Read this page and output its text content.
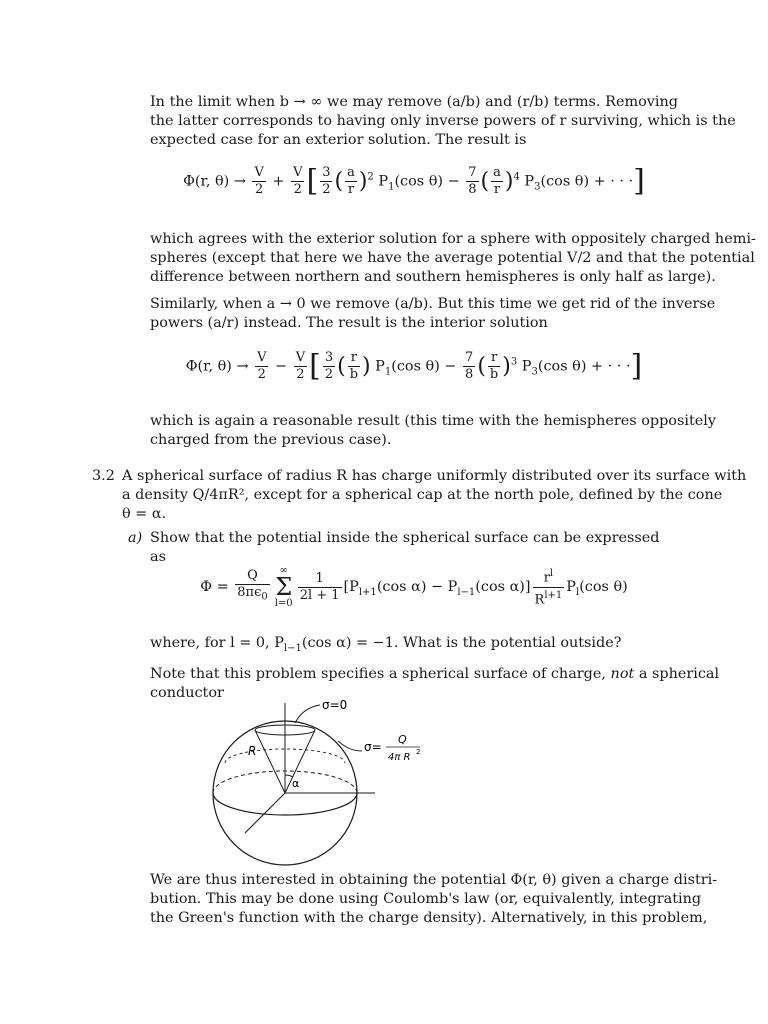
In the limit when b → ∞ we may remove (a/b) and (r/b) terms. Removing
the latter corresponds to having only inverse powers of r surviving, which is the
expected case for an exterior solution. The result is
Φ(r, $\theta) \to \frac{V}{2} + \frac{V}{2}$ [ $\frac{3}{2}$ ( $\frac{a}{r} )^2$ $P_1(\cos$ $\theta) - \frac{7}{8}$ ( $\frac{a}{r} )^4$ $P_3(\cos$ θ) + · · ·]
which agrees with the exterior solution for a sphere with oppositely charged hemi-
spheres (except that here we have the average potential V/2 and that the potential
difference between northern and southern hemispheres is only half as large).
Similarly, when a → 0 we remove (a/b). But this time we get rid of the inverse
powers (a/r) instead. The result is the interior solution
Φ(r, $\theta) \to \frac{V}{2} - \frac{V}{2}$ [ $\frac{3}{2}$ ( $\frac{r}{b}$ ) $P_1(\cos$ $\theta) - \frac{7}{8}$ ( $\frac{r}{b} )^3$ $P_3(\cos$ θ) + · · ·]
which is again a reasonable result (this time with the hemispheres oppositely
charged from the previous case).
3.2 A spherical surface of radius R has charge uniformly distributed over its surface with
a density Q/4πR², except for a spherical cap at the north pole, defined by the cone
θ = α.
a) Show that the potential inside the spherical surface can be expressed as
$\Phi = \frac{Q}{8\pi\epsilon_0}$ ∞
Σ
$l=0 \frac{1}{2l + 1} [P_{l+1}(\cos$ $\alpha) - P_{l-1}(\cos$ $\alpha)] \frac{r^l}{R^{l+1}} P_l(\cos$ θ)
where, for l = 0, $P_{l-1}(\cos$ α) = −1. What is the potential outside?
Note that this problem specifies a spherical surface of charge, not a spherical
conductor
σ=0
R
α
σ=
Q
4π R 2
We are thus interested in obtaining the potential Φ(r, θ) given a charge distri-
bution. This may be done using Coulomb's law (or, equivalently, integrating
the Green's function with the charge density). Alternatively, in this problem,
